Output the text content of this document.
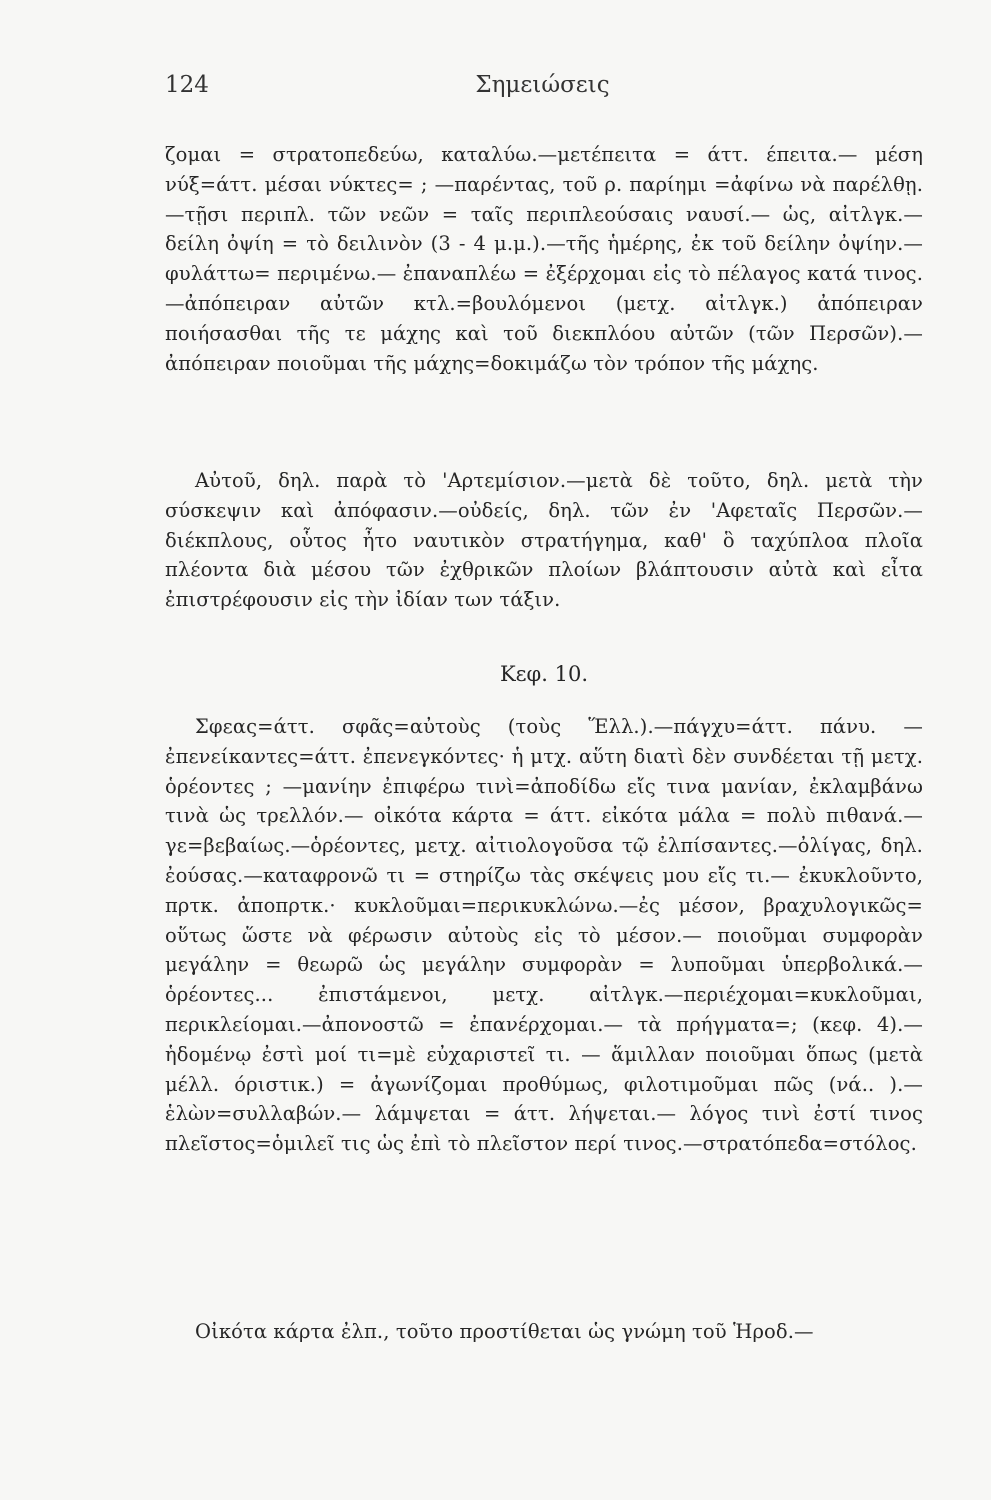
124	Σημειώσεις
ζομαι = στρατοπεδεύω, καταλύω.—μετέπειτα = άττ. έπειτα.— μέση νύξ=άττ. μέσαι νύκτες= ; —παρέντας, τοῦ ρ. παρίημι =ἀφίνω νὰ παρέλθῃ.—τῇσι περιπλ. τῶν νεῶν = ταῖς περιπλεούσαις ναυσί.— ὡς, αἰτλγκ.— δείλη ὀψίη = τὸ δειλινὸν (3 - 4 μ.μ.).—τῆς ἡμέρης, ἐκ τοῦ δείλην ὀψίην.—φυλάττω= περιμένω.— ἐπαναπλέω = ἐξέρχομαι εἰς τὸ πέλαγος κατά τινος. —ἀπόπειραν αὐτῶν κτλ.=βουλόμενοι (μετχ. αἰτλγκ.) ἀπόπειραν ποιήσασθαι τῆς τε μάχης καὶ τοῦ διεκπλόου αὐτῶν (τῶν Περσῶν).—ἀπόπειραν ποιοῦμαι τῆς μάχης=δοκιμάζω τὸν τρόπον τῆς μάχης.
Αὐτοῦ, δηλ. παρὰ τὸ 'Αρτεμίσιον.—μετὰ δὲ τοῦτο, δηλ. μετὰ τὴν σύσκεψιν καὶ ἀπόφασιν.—οὐδείς, δηλ. τῶν ἐν 'Αφεταῖς Περσῶν.—διέκπλους, οὗτος ἦτο ναυτικὸν στρατήγημα, καθ' ὃ ταχύπλοα πλοῖα πλέοντα διὰ μέσου τῶν ἐχθρικῶν πλοίων βλάπτουσιν αὐτὰ καὶ εἶτα ἐπιστρέφουσιν εἰς τὴν ἰδίαν των τάξιν.
Κεφ. 10.
Σφεας=άττ. σφᾶς=αὐτοὺς (τοὺς Ἕλλ.).—πάγχυ=άττ. πάνυ. —ἐπενείκαντες=άττ. ἐπενεγκόντες· ἡ μτχ. αὕτη διατὶ δὲν συνδέεται τῇ μετχ. ὁρέοντες ; —μανίην ἐπιφέρω τινὶ=ἀποδίδω εἴς τινα μανίαν, ἐκλαμβάνω τινὰ ὡς τρελλόν.— οἰκότα κάρτα = άττ. εἰκότα μάλα = πολὺ πιθανά.— γε=βεβαίως.—ὁρέοντες, μετχ. αἰτιολογοῦσα τῷ ἐλπίσαντες.—ὀλίγας, δηλ. ἐούσας.—καταφρονῶ τι = στηρίζω τὰς σκέψεις μου εἴς τι.— ἐκυκλοῦντο, πρτκ. ἀποπρτκ.· κυκλοῦμαι=περικυκλώνω.—ἐς μέσον, βραχυλογικῶς= οὕτως ὥστε νὰ φέρωσιν αὐτοὺς εἰς τὸ μέσον.— ποιοῦμαι συμφορὰν μεγάλην = θεωρῶ ὡς μεγάλην συμφορὰν = λυποῦμαι ὑπερβολικά.—ὁρέοντες... ἐπιστάμενοι, μετχ. αἰτλγκ.—περιέχομαι=κυκλοῦμαι, περικλείομαι.—ἀπονοστῶ = ἐπανέρχομαι.— τὰ πρήγματα=; (κεφ. 4).—ἡδομένῳ ἐστὶ μοί τι=μὲ εὐχαριστεῖ τι. — ἅμιλλαν ποιοῦμαι ὅπως (μετὰ μέλλ. όριστικ.) = ἀγωνίζομαι προθύμως, φιλοτιμοῦμαι πῶς (νά.. ).—ἑλὼν=συλλαβών.— λάμψεται = άττ. λήψεται.— λόγος τινὶ ἐστί τινος πλεῖστος=ὁμιλεῖ τις ὡς ἐπὶ τὸ πλεῖστον περί τινος.—στρατόπεδα=στόλος.
Οἰκότα κάρτα ἐλπ., τοῦτο προστίθεται ὡς γνώμη τοῦ Ἡροδ.—
